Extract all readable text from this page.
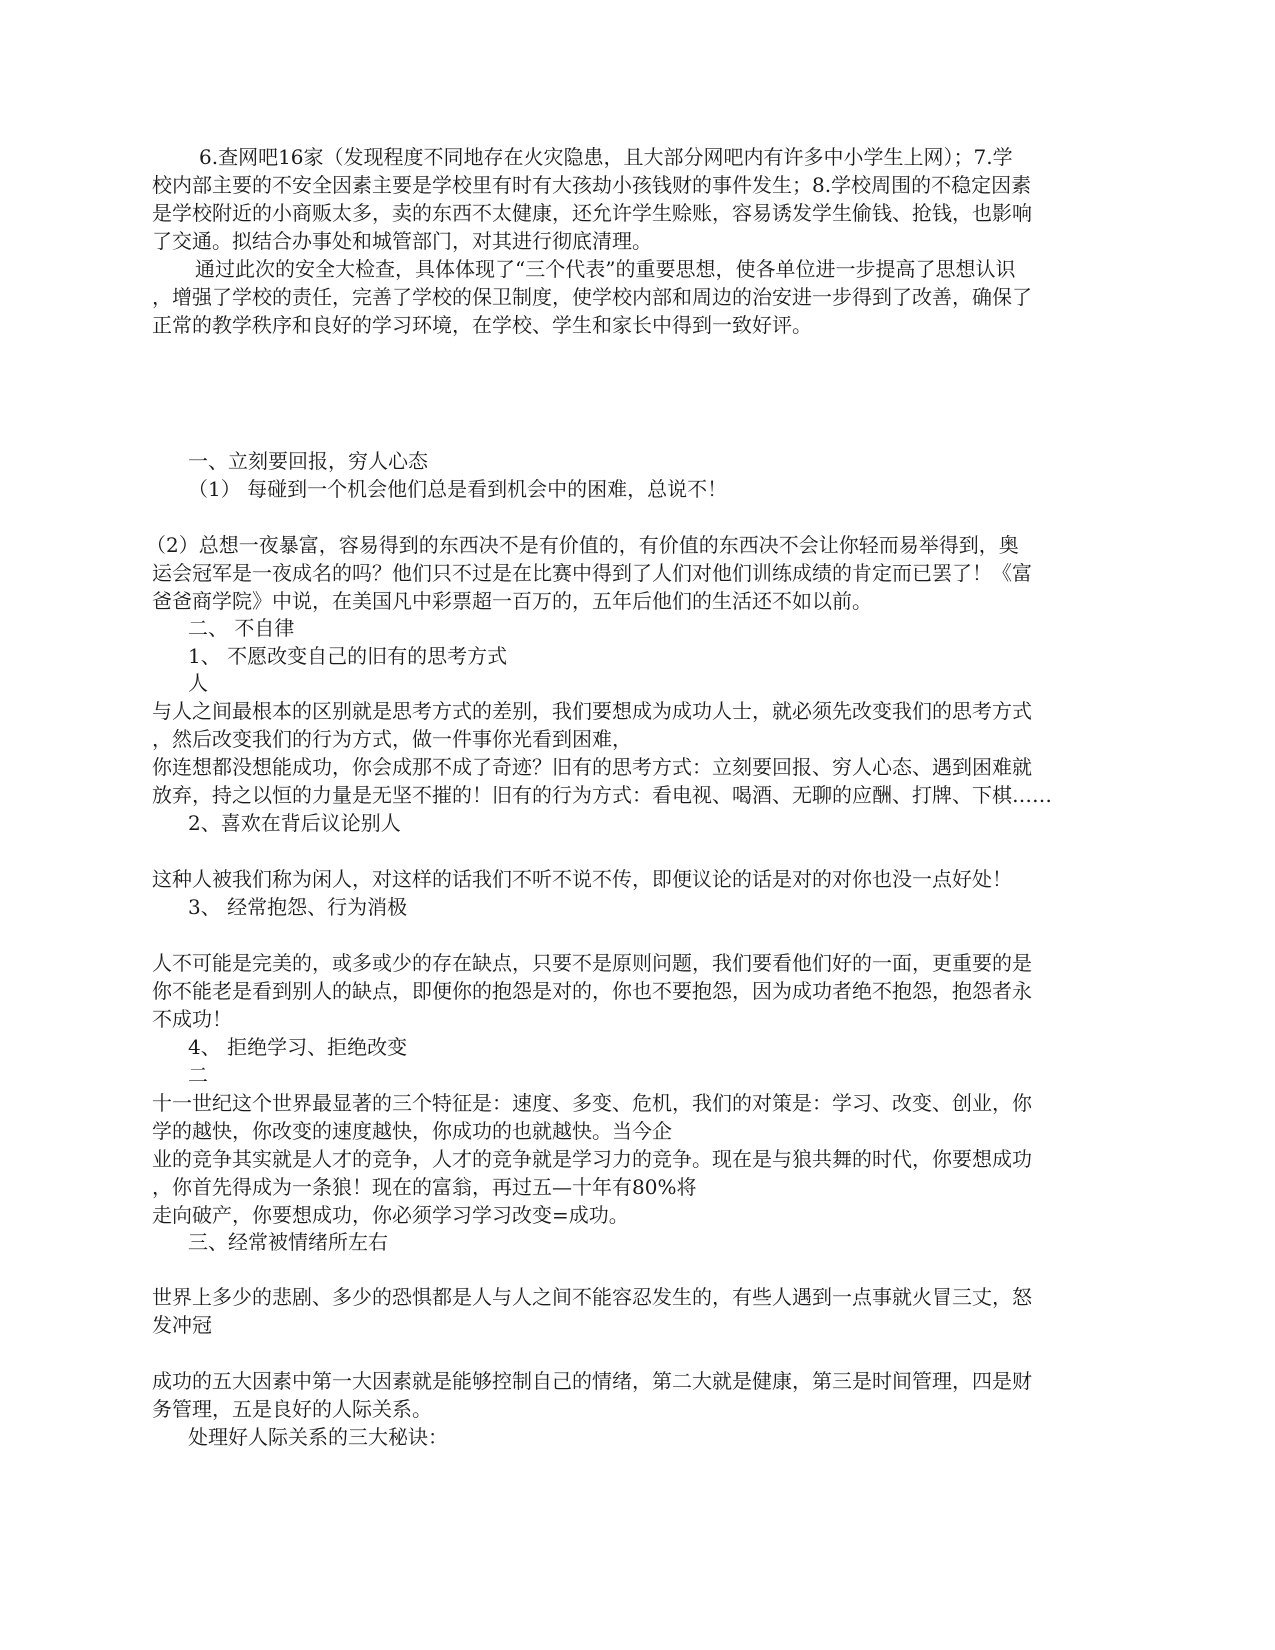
6.查网吧16家（发现程度不同地存在火灾隐患，且大部分网吧内有许多中小学生上网）；7.学
校内部主要的不安全因素主要是学校里有时有大孩劫小孩钱财的事件发生；8.学校周围的不稳定因素
是学校附近的小商贩太多，卖的东西不太健康，还允许学生赊账，容易诱发学生偷钱、抢钱，也影响
了交通。拟结合办事处和城管部门，对其进行彻底清理。
通过此次的安全大检查，具体体现了“三个代表”的重要思想，使各单位进一步提高了思想认识
，增强了学校的责任，完善了学校的保卫制度，使学校内部和周边的治安进一步得到了改善，确保了
正常的教学秩序和良好的学习环境，在学校、学生和家长中得到一致好评。
一、立刻要回报，穷人心态
（1） 每碰到一个机会他们总是看到机会中的困难，总说不！
（2）总想一夜暴富，容易得到的东西决不是有价值的，有价值的东西决不会让你轻而易举得到，奥
运会冠军是一夜成名的吗？他们只不过是在比赛中得到了人们对他们训练成绩的肯定而已罢了！《富
爸爸商学院》中说，在美国凡中彩票超一百万的，五年后他们的生活还不如以前。
二、 不自律
1、 不愿改变自己的旧有的思考方式
人
与人之间最根本的区别就是思考方式的差别，我们要想成为成功人士，就必须先改变我们的思考方式
，然后改变我们的行为方式，做一件事你光看到困难，
你连想都没想能成功，你会成那不成了奇迹？旧有的思考方式：立刻要回报、穷人心态、遇到困难就
放弃，持之以恒的力量是无坚不摧的！旧有的行为方式：看电视、喝酒、无聊的应酬、打牌、下棋……
2、喜欢在背后议论别人
这种人被我们称为闲人，对这样的话我们不听不说不传，即便议论的话是对的对你也没一点好处！
3、 经常抱怨、行为消极
人不可能是完美的，或多或少的存在缺点，只要不是原则问题，我们要看他们好的一面，更重要的是
你不能老是看到别人的缺点，即便你的抱怨是对的，你也不要抱怨，因为成功者绝不抱怨，抱怨者永
不成功！
4、 拒绝学习、拒绝改变
二
十一世纪这个世界最显著的三个特征是：速度、多变、危机，我们的对策是：学习、改变、创业，你
学的越快，你改变的速度越快，你成功的也就越快。当今企
业的竞争其实就是人才的竞争，人才的竞争就是学习力的竞争。现在是与狼共舞的时代，你要想成功
，你首先得成为一条狼！现在的富翁，再过五—十年有80%将
走向破产，你要想成功，你必须学习学习改变=成功。
三、经常被情绪所左右
世界上多少的悲剧、多少的恐惧都是人与人之间不能容忍发生的，有些人遇到一点事就火冒三丈，怒
发冲冠
成功的五大因素中第一大因素就是能够控制自己的情绪，第二大就是健康，第三是时间管理，四是财
务管理，五是良好的人际关系。
处理好人际关系的三大秘诀：
